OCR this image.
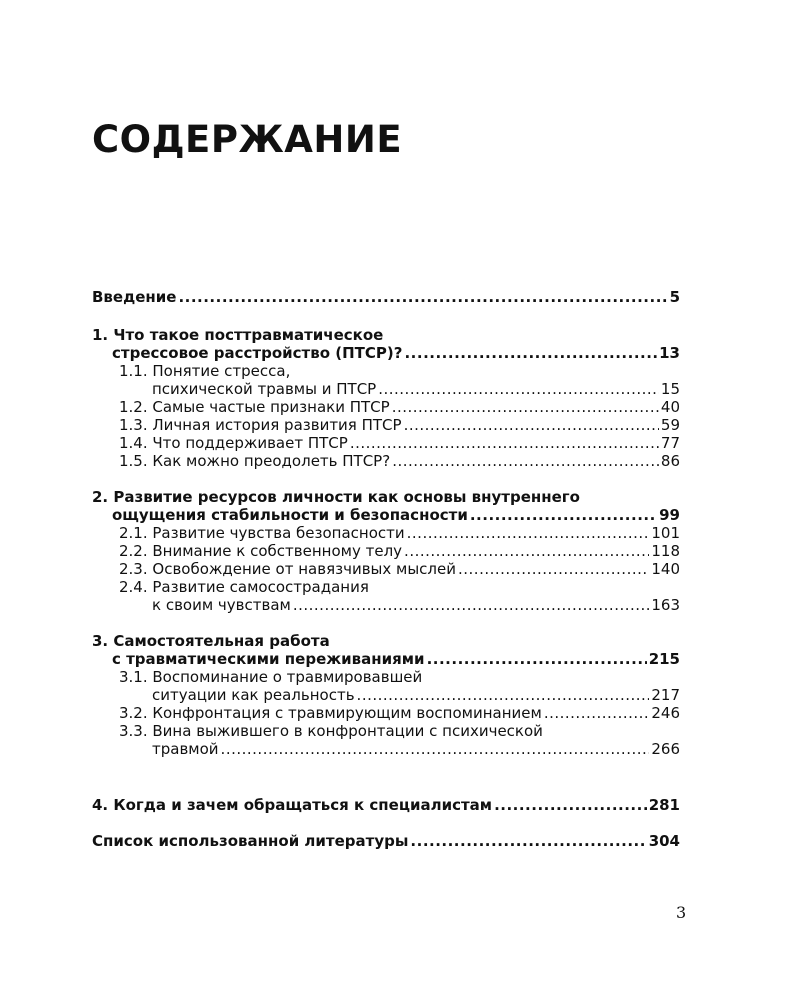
СОДЕРЖАНИЕ
Введение .....	5
1. Что такое посттравматическое
стрессовое расстройство (ПТСР)? .....	13
1.1. Понятие стресса,
психической травмы и ПТСР .....	15
1.2. Самые частые признаки ПТСР .....	40
1.3. Личная история развития ПТСР .....	59
1.4. Что поддерживает ПТСР .....	77
1.5. Как можно преодолеть ПТСР? .....	86
2. Развитие ресурсов личности как основы внутреннего
ощущения стабильности и безопасности .....	99
2.1. Развитие чувства безопасности .....	101
2.2. Внимание к собственному телу .....	118
2.3. Освобождение от навязчивых мыслей .....	140
2.4. Развитие самосострадания
к своим чувствам .....	163
3. Самостоятельная работа
с травматическими переживаниями .....	215
3.1. Воспоминание о травмировавшей
ситуации как реальность .....	217
3.2. Конфронтация с травмирующим воспоминанием .....	246
3.3. Вина выжившего в конфронтации с психической
травмой .....	266
4. Когда и зачем обращаться к специалистам .....	281
Список использованной литературы .....	304
3
